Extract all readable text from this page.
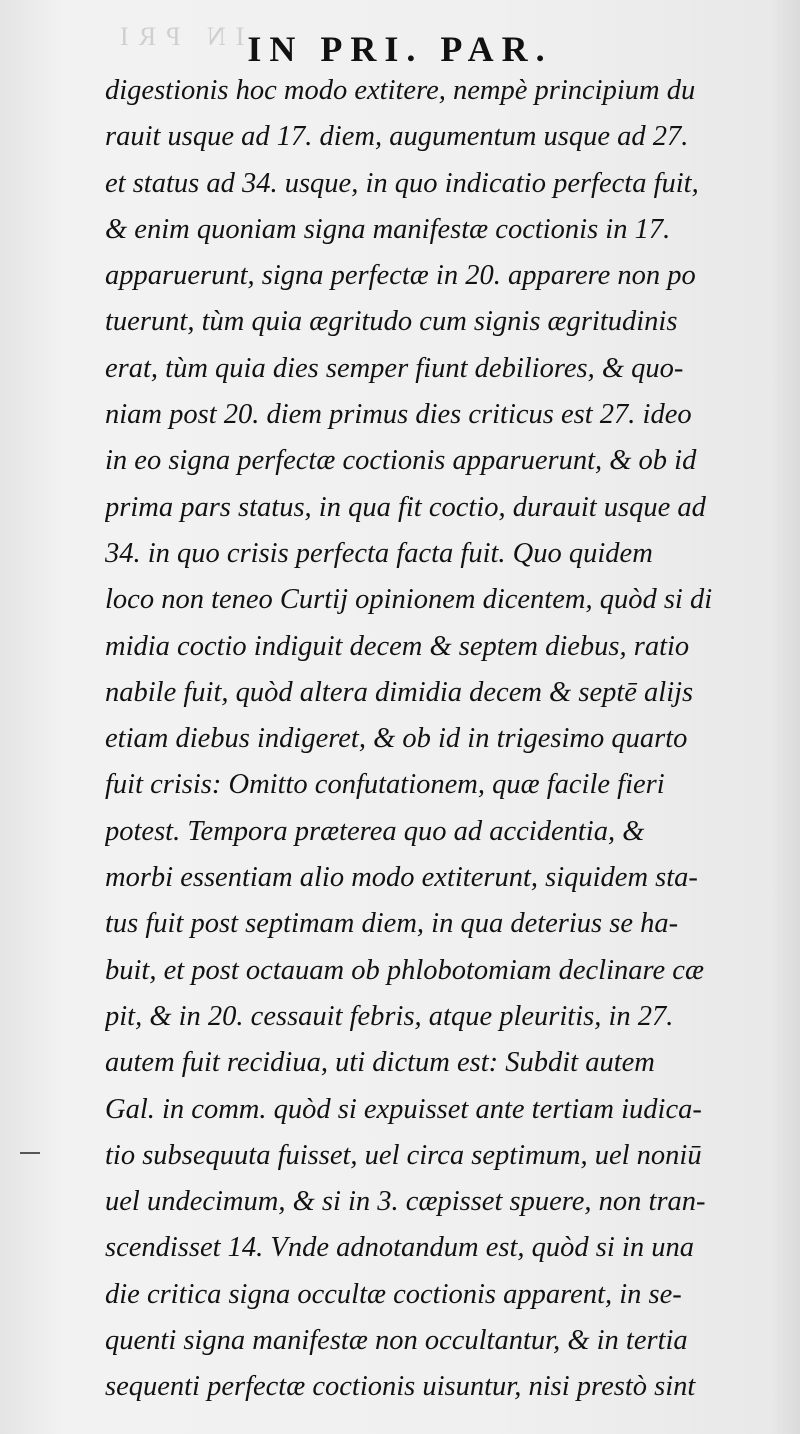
IN PRI IN PRI. PAR.
digestionis hoc modo extitere, nempè principium du
rauit usque ad 17. diem, augumentum usque ad 27.
et status ad 34. usque, in quo indicatio perfecta fuit,
& enim quoniam signa manifestæ coctionis in 17.
apparuerunt, signa perfectæ in 20. apparere non po
tuerunt, tùm quia ægritudo cum signis ægritudinis
erat, tùm quia dies semper fiunt debiliores, & quo-
niam post 20. diem primus dies criticus est 27. ideo
in eo signa perfectæ coctionis apparuerunt, & ob id
prima pars status, in qua fit coctio, durauit usque ad
34. in quo crisis perfecta facta fuit. Quo quidem
loco non teneo Curtij opinionem dicentem, quòd si di
midia coctio indiguit decem & septem diebus, ratio
nabile fuit, quòd altera dimidia decem & septē alijs
etiam diebus indigeret, & ob id in trigesimo quarto
fuit crisis: Omitto confutationem, quæ facile fieri
potest. Tempora præterea quo ad accidentia, &
morbi essentiam alio modo extiterunt, siquidem sta-
tus fuit post septimam diem, in qua deterius se ha-
buit, et post octauam ob phlobotomiam declinare cæ
pit, & in 20. cessauit febris, atque pleuritis, in 27.
autem fuit recidiua, uti dictum est: Subdit autem
Gal. in comm. quòd si expuisset ante tertiam iudica-
tio subsequuta fuisset, uel circa septimum, uel noniū
uel undecimum, & si in 3. cæpisset spuere, non tran-
scendisset 14. Vnde adnotandum est, quòd si in una
die critica signa occultæ coctionis apparent, in se-
quenti signa manifestæ non occultantur, & in tertia
sequenti perfectæ coctionis uisuntur, nisi prestò sint
